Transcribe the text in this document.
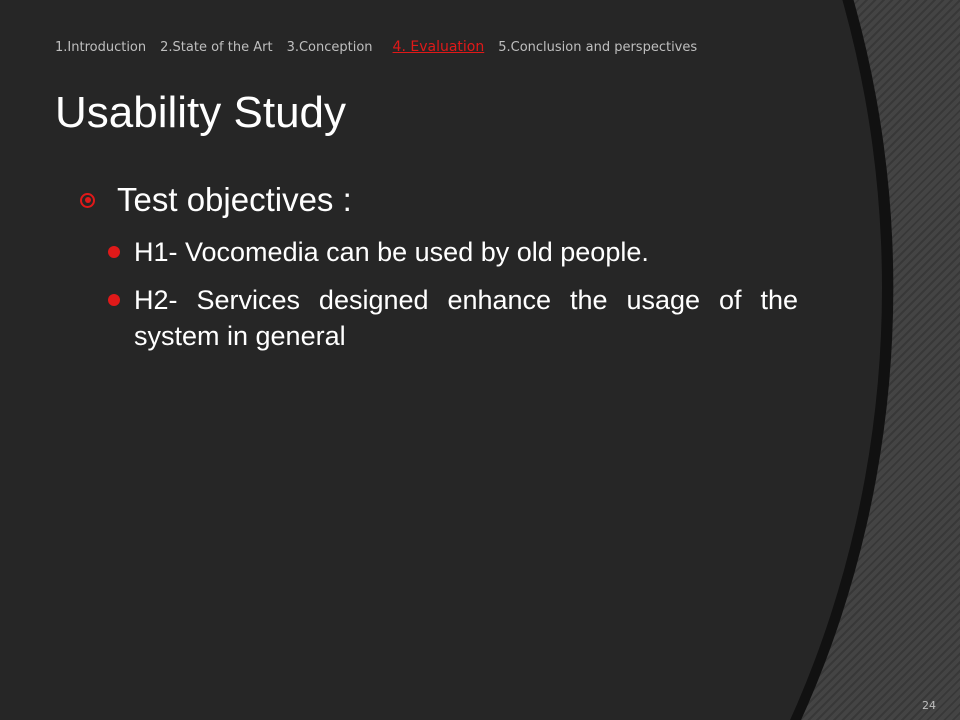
1.Introduction 2.State of the Art 3.Conception 4. Evaluation 5.Conclusion and perspectives
Usability Study
Test objectives :
H1- Vocomedia can be used by old people.
H2- Services designed enhance the usage of the system in general
24
